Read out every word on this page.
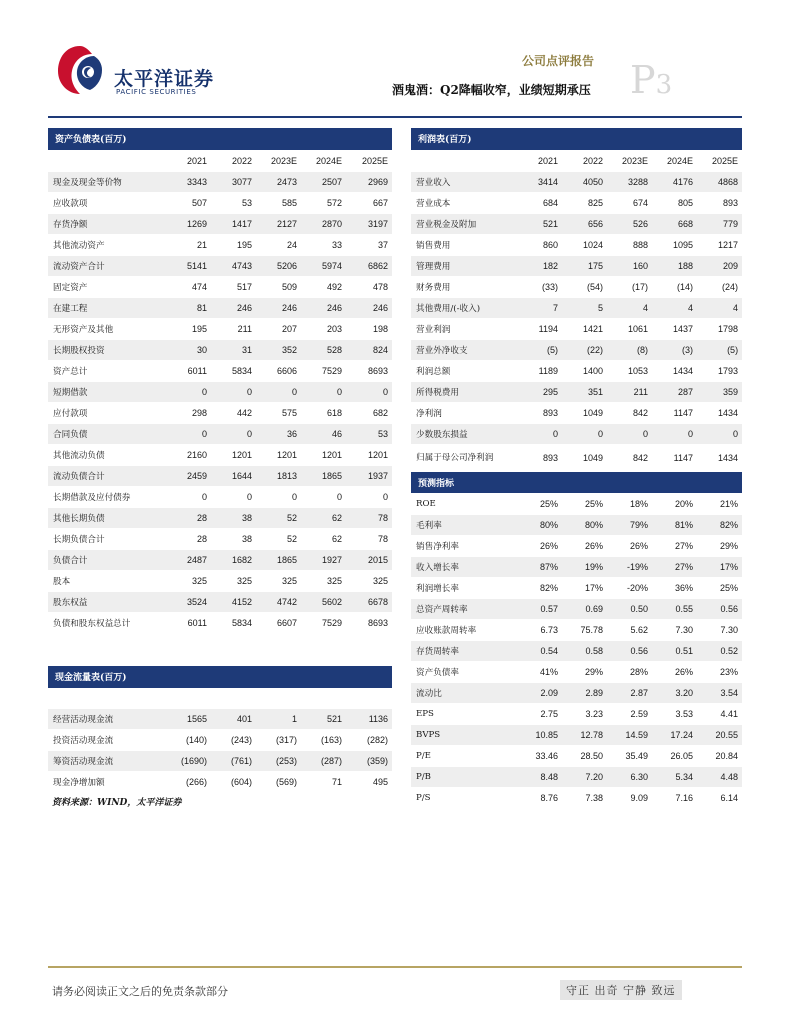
太平洋证券
PACIFIC SECURITIES
公司点评报告
酒鬼酒：Q2降幅收窄，业绩短期承压 P3
资产负债表(百万)					
	2021	2022	2023E	2024E	2025E
现金及现金等价物	3343	3077	2473	2507	2969
应收款项	507	53	585	572	667
存货净额	1269	1417	2127	2870	3197
其他流动资产	21	195	24	33	37
流动资产合计	5141	4743	5206	5974	6862
固定资产	474	517	509	492	478
在建工程	81	246	246	246	246
无形资产及其他	195	211	207	203	198
长期股权投资	30	31	352	528	824
资产总计	6011	5834	6606	7529	8693
短期借款	0	0	0	0	0
应付款项	298	442	575	618	682
合同负债	0	0	36	46	53
其他流动负债	2160	1201	1201	1201	1201
流动负债合计	2459	1644	1813	1865	1937
长期借款及应付债券	0	0	0	0	0
其他长期负债	28	38	52	62	78
长期负债合计	28	38	52	62	78
负债合计	2487	1682	1865	1927	2015
股本	325	325	325	325	325
股东权益	3524	4152	4742	5602	6678
负债和股东权益总计	6011	5834	6607	7529	8693
现金流量表(百万)					

经营活动现金流	1565	401	1	521	1136
投资活动现金流	(140)	(243)	(317)	(163)	(282)
筹资活动现金流	(1690)	(761)	(253)	(287)	(359)
现金净增加额	(266)	(604)	(569)	71	495
利润表(百万)					
	2021	2022	2023E	2024E	2025E
营业收入	3414	4050	3288	4176	4868
营业成本	684	825	674	805	893
营业税金及附加	521	656	526	668	779
销售费用	860	1024	888	1095	1217
管理费用	182	175	160	188	209
财务费用	(33)	(54)	(17)	(14)	(24)
其他费用/(-收入)	7	5	4	4	4
营业利润	1194	1421	1061	1437	1798
营业外净收支	(5)	(22)	(8)	(3)	(5)
利润总额	1189	1400	1053	1434	1793
所得税费用	295	351	211	287	359
净利润	893	1049	842	1147	1434
少数股东损益	0	0	0	0	0
归属于母公司净利润	893	1049	842	1147	1434
预测指标					
ROE	25%	25%	18%	20%	21%
毛利率	80%	80%	79%	81%	82%
销售净利率	26%	26%	26%	27%	29%
收入增长率	87%	19%	-19%	27%	17%
利润增长率	82%	17%	-20%	36%	25%
总资产周转率	0.57	0.69	0.50	0.55	0.56
应收账款周转率	6.73	75.78	5.62	7.30	7.30
存货周转率	0.54	0.58	0.56	0.51	0.52
资产负债率	41%	29%	28%	26%	23%
流动比	2.09	2.89	2.87	3.20	3.54
EPS	2.75	3.23	2.59	3.53	4.41
BVPS	10.85	12.78	14.59	17.24	20.55
P/E	33.46	28.50	35.49	26.05	20.84
P/B	8.48	7.20	6.30	5.34	4.48
P/S	8.76	7.38	9.09	7.16	6.14
资料来源：WIND，太平洋证券
请务必阅读正文之后的免责条款部分	守正 出奇 宁静 致远
